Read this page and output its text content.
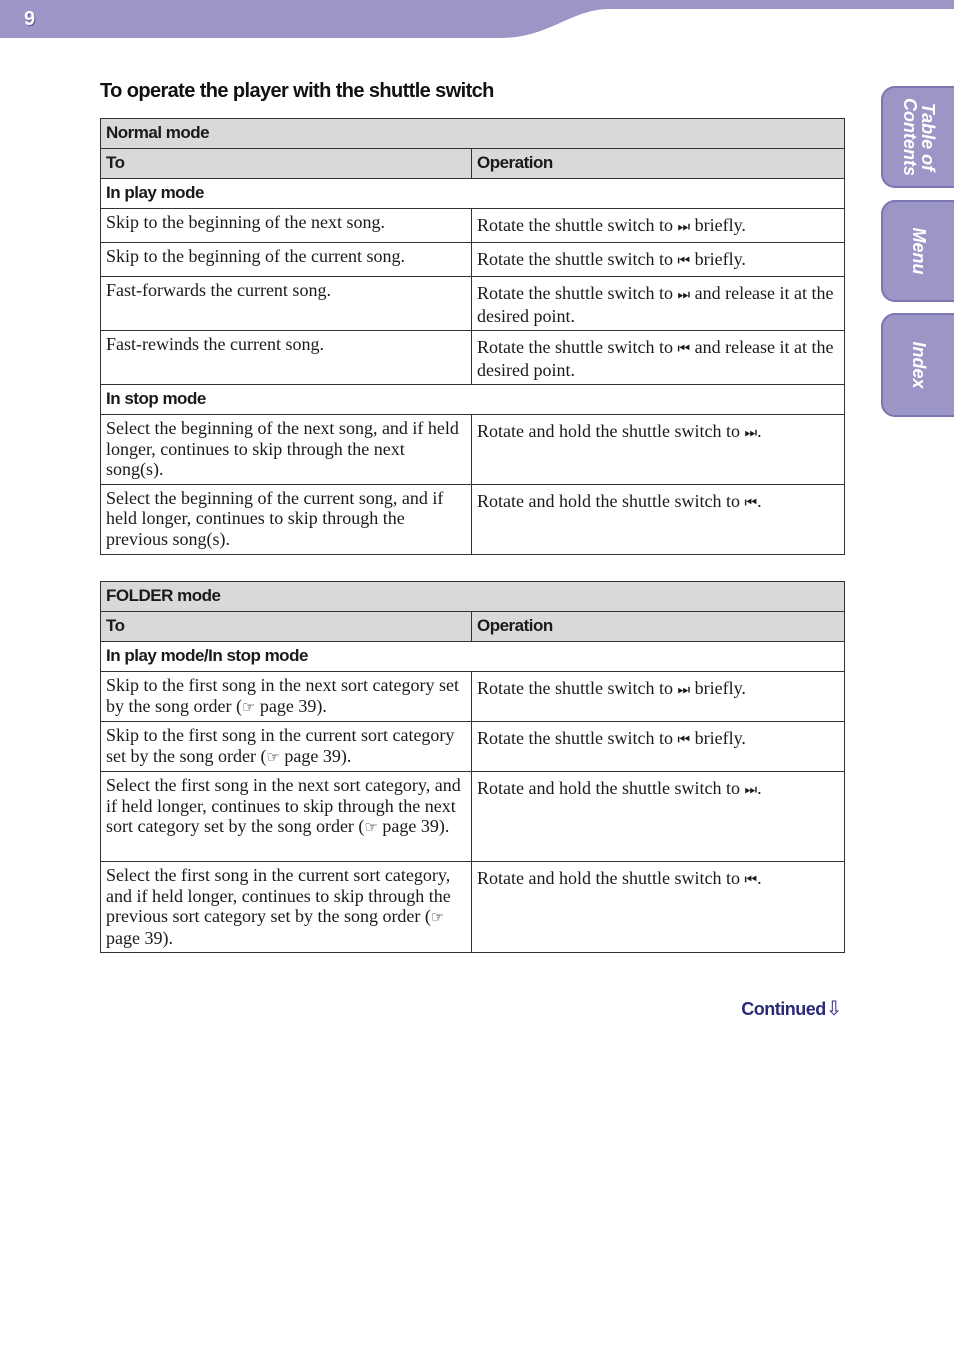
9
Table of Contents
Menu
Index
To operate the player with the shuttle switch
Normal mode	
To	Operation
In play mode	
Skip to the beginning of the next song.	Rotate the shuttle switch to ⏭ briefly.
Skip to the beginning of the current song.	Rotate the shuttle switch to ⏮ briefly.
Fast-forwards the current song.	Rotate the shuttle switch to ⏭ and release it at the desired point.
Fast-rewinds the current song.	Rotate the shuttle switch to ⏮ and release it at the desired point.
In stop mode	
Select the beginning of the next song, and if held longer, continues to skip through the next song(s).	Rotate and hold the shuttle switch to ⏭ .
Select the beginning of the current song, and if held longer, continues to skip through the previous song(s).	Rotate and hold the shuttle switch to ⏮ .
FOLDER mode	
To	Operation
In play mode/In stop mode	
Skip to the first song in the next sort category set by the song order (☞ page 39).	Rotate the shuttle switch to ⏭ briefly.
Skip to the first song in the current sort category set by the song order (☞ page 39).	Rotate the shuttle switch to ⏮ briefly.
Select the first song in the next sort category, and if held longer, continues to skip through the next sort category set by the song order (☞ page 39).	Rotate and hold the shuttle switch to ⏭ .
Select the first song in the current sort category, and if held longer, continues to skip through the previous sort category set by the song order (☞ page 39).	Rotate and hold the shuttle switch to ⏮ .
Continued⇩
